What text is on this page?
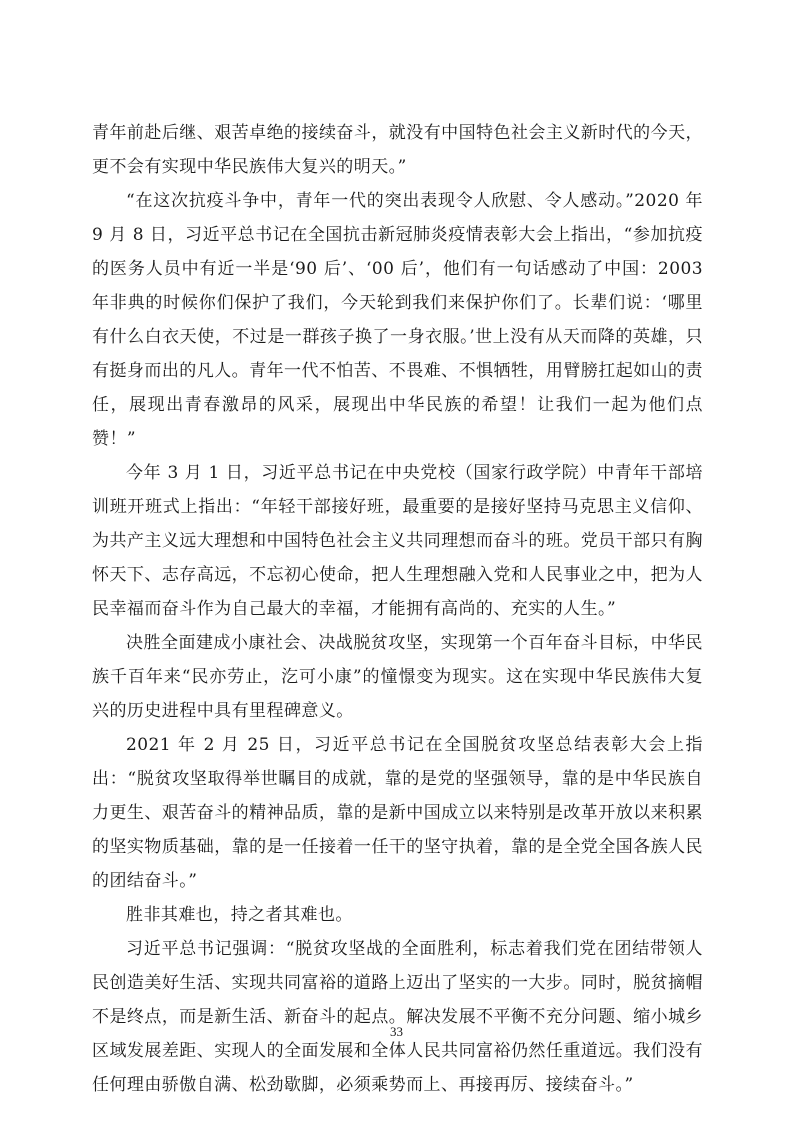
青年前赴后继、艰苦卓绝的接续奋斗，就没有中国特色社会主义新时代的今天，更不会有实现中华民族伟大复兴的明天。”

“在这次抗疫斗争中，青年一代的突出表现令人欣慰、令人感动。”2020 年 9 月 8 日，习近平总书记在全国抗击新冠肺炎疫情表彰大会上指出，“参加抗疫的医务人员中有近一半是‘90 后’、‘00 后’，他们有一句话感动了中国：2003 年非典的时候你们保护了我们，今天轮到我们来保护你们了。长辈们说：‘哪里有什么白衣天使，不过是一群孩子换了一身衣服。’世上没有从天而降的英雄，只有挺身而出的凡人。青年一代不怕苦、不畏难、不惧牺牲，用臂膀扛起如山的责任，展现出青春激昂的风采，展现出中华民族的希望！让我们一起为他们点赞！”

今年 3 月 1 日，习近平总书记在中央党校（国家行政学院）中青年干部培训班开班式上指出：“年轻干部接好班，最重要的是接好坚持马克思主义信仰、为共产主义远大理想和中国特色社会主义共同理想而奋斗的班。党员干部只有胸怀天下、志存高远，不忘初心使命，把人生理想融入党和人民事业之中，把为人民幸福而奋斗作为自己最大的幸福，才能拥有高尚的、充实的人生。”

决胜全面建成小康社会、决战脱贫攻坚，实现第一个百年奋斗目标，中华民族千百年来“民亦劳止，汔可小康”的憧憬变为现实。这在实现中华民族伟大复兴的历史进程中具有里程碑意义。

2021 年 2 月 25 日，习近平总书记在全国脱贫攻坚总结表彰大会上指出：“脱贫攻坚取得举世瞩目的成就，靠的是党的坚强领导，靠的是中华民族自力更生、艰苦奋斗的精神品质，靠的是新中国成立以来特别是改革开放以来积累的坚实物质基础，靠的是一任接着一任干的坚守执着，靠的是全党全国各族人民的团结奋斗。”

胜非其难也，持之者其难也。

习近平总书记强调：“脱贫攻坚战的全面胜利，标志着我们党在团结带领人民创造美好生活、实现共同富裕的道路上迈出了坚实的一大步。同时，脱贫摘帽不是终点，而是新生活、新奋斗的起点。解决发展不平衡不充分问题、缩小城乡区域发展差距、实现人的全面发展和全体人民共同富裕仍然任重道远。我们没有任何理由骄傲自满、松劲歇脚，必须乘势而上、再接再厉、接续奋斗。”

33
